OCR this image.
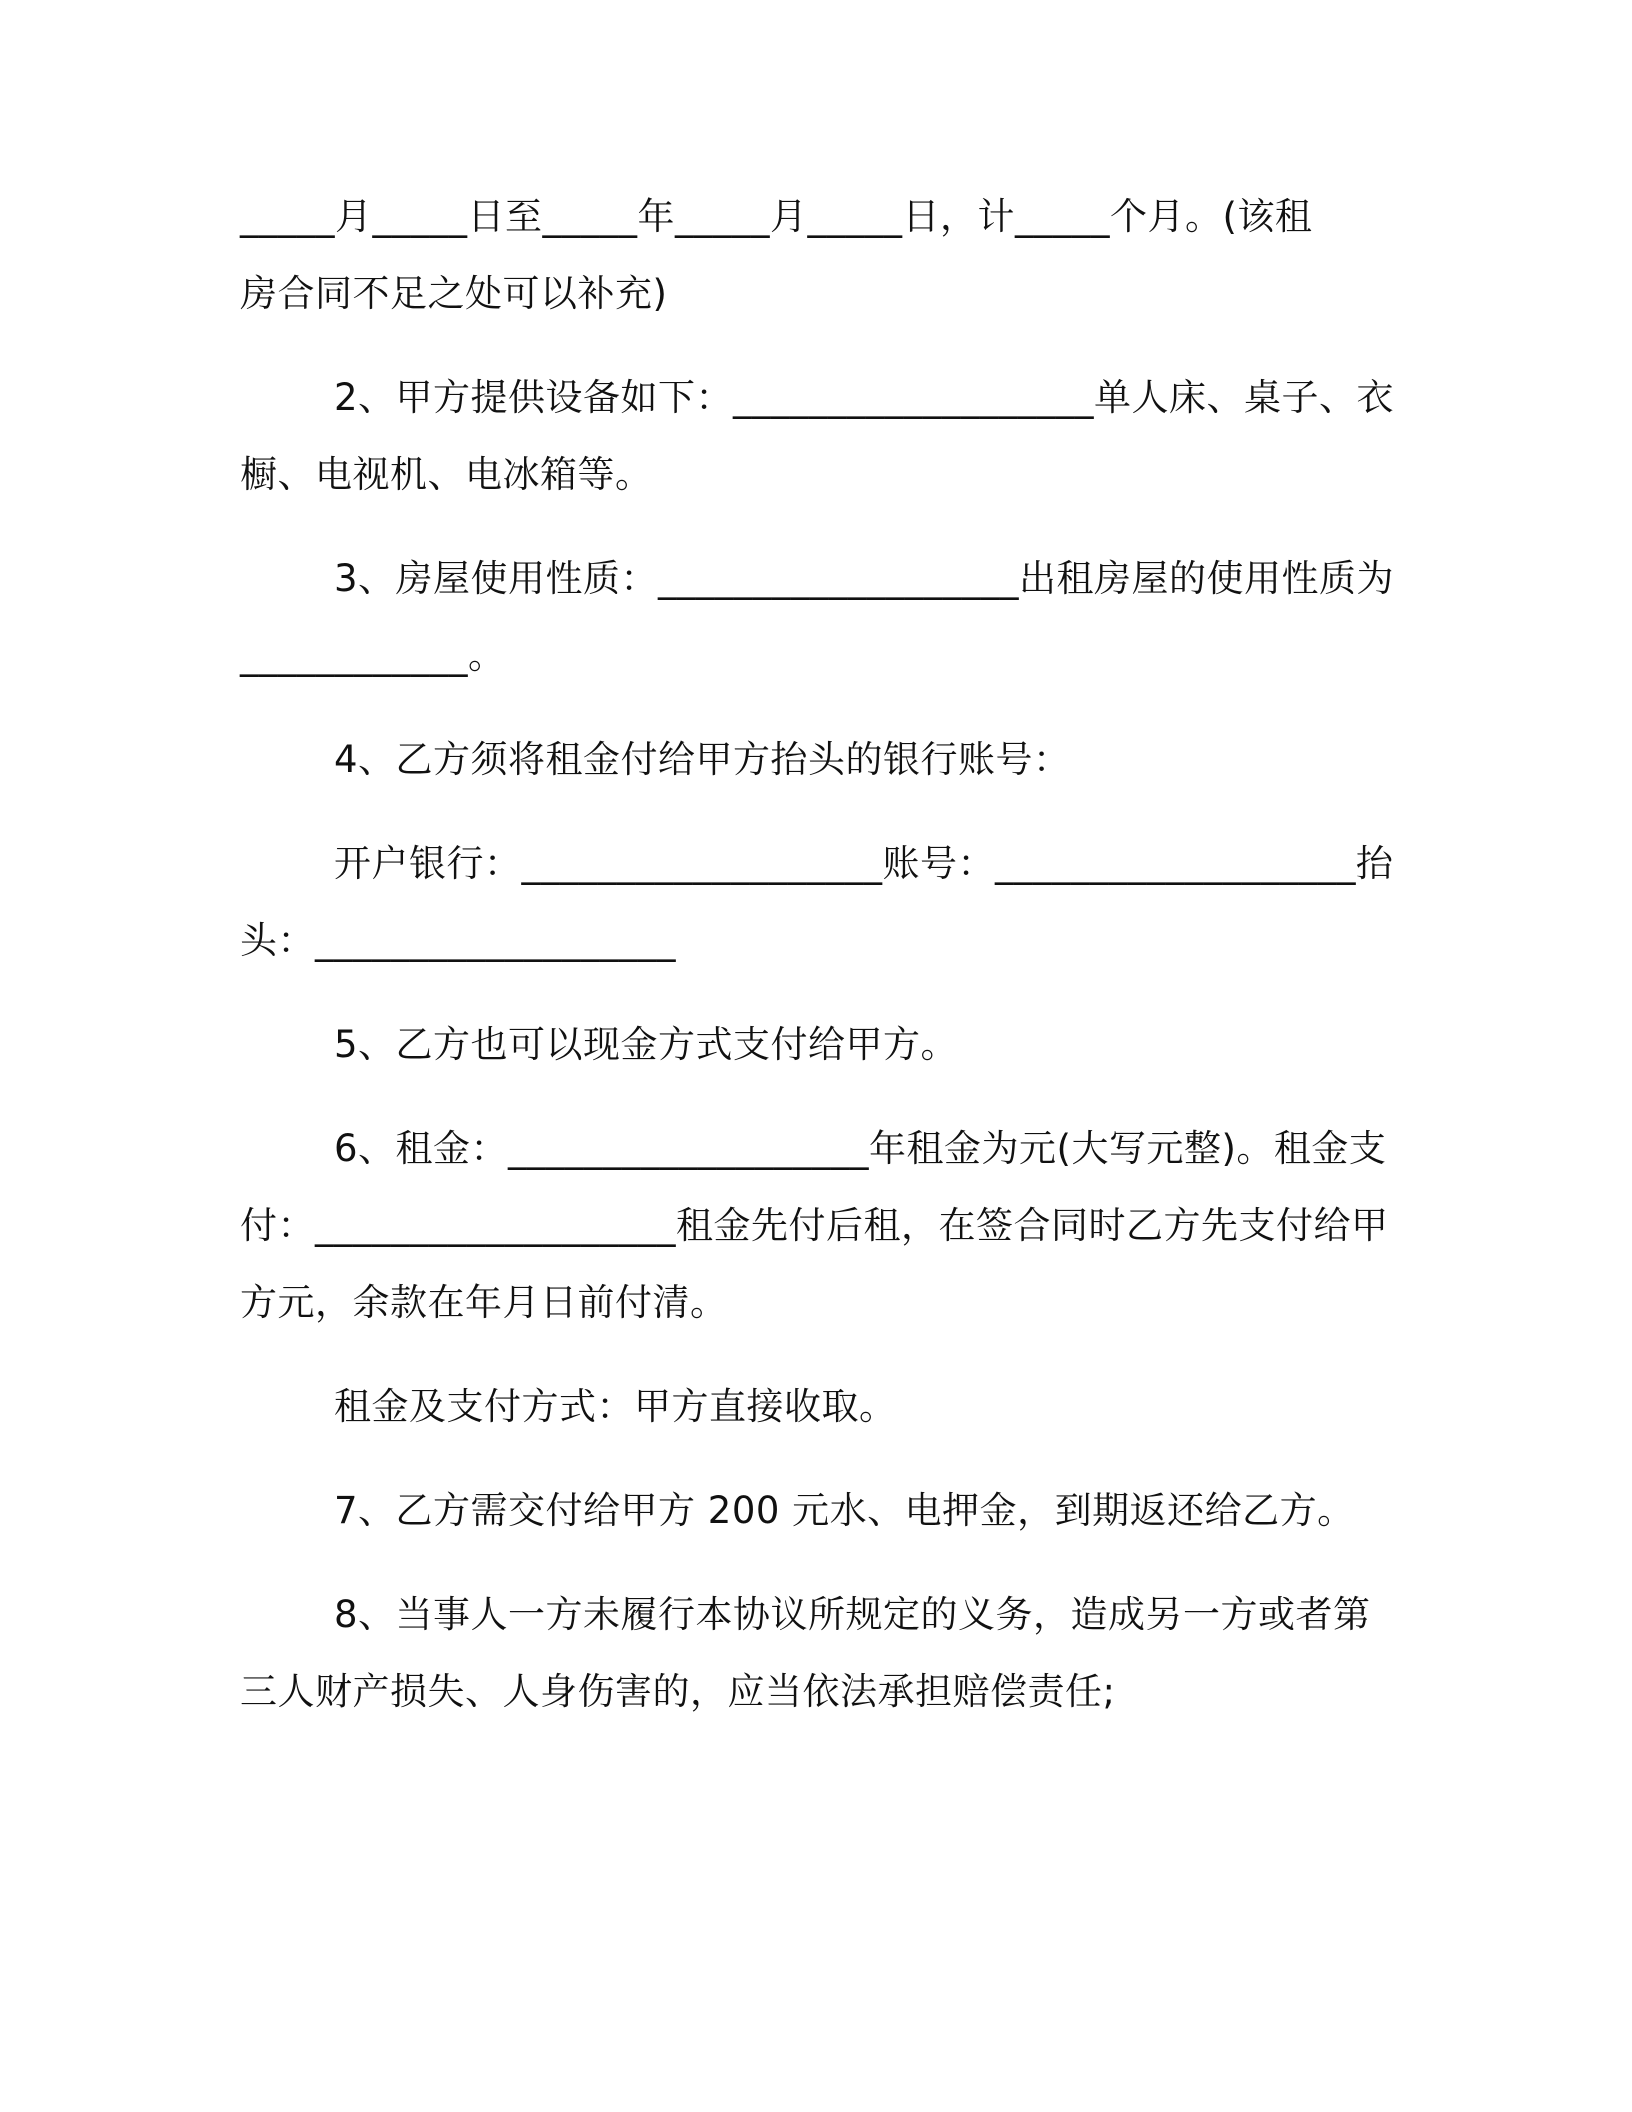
_____月_____日至_____年_____月_____日，计_____个月。(该租
房合同不足之处可以补充)
2、甲方提供设备如下：___________________单人床、桌子、衣
橱、电视机、电冰箱等。
3、房屋使用性质：___________________出租房屋的使用性质为
____________。
4、乙方须将租金付给甲方抬头的银行账号：
开户银行：___________________账号：___________________抬
头：___________________
5、乙方也可以现金方式支付给甲方。
6、租金：___________________年租金为元(大写元整)。租金支
付：___________________租金先付后租，在签合同时乙方先支付给甲
方元，余款在年月日前付清。
租金及支付方式：甲方直接收取。
7、乙方需交付给甲方 200 元水、电押金，到期返还给乙方。
8、当事人一方未履行本协议所规定的义务，造成另一方或者第
三人财产损失、人身伤害的，应当依法承担赔偿责任;
